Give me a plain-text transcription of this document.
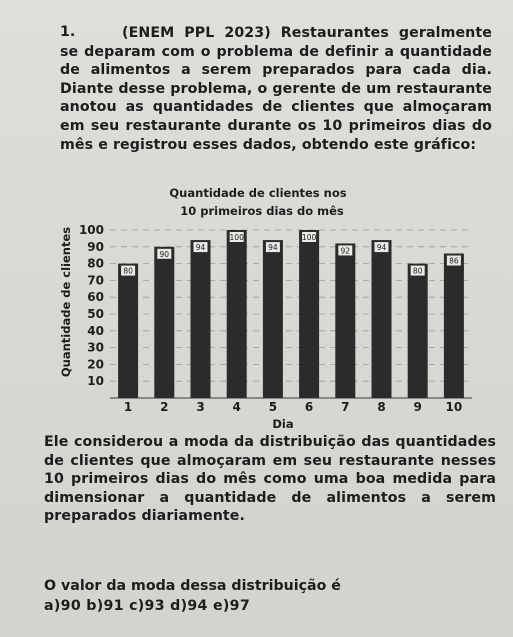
1.	(ENEM PPL 2023) Restaurantes geralmente se deparam com o problema de definir a quantidade de alimentos a serem preparados para cada dia. Diante desse problema, o gerente de um restaurante anotou as quantidades de clientes que almoçaram em seu restaurante durante os 10 primeiros dias do mês e registrou esses dados, obtendo este gráfico:
Quantidade de clientes nos
10 primeiros dias do mês
Dia
Quantidade de clientes	80
90
94
100
94
100
92	94
80
86
10
20
30
40
50
60
70
80
90
100
1 2 3 4 5 6 7 8 9 10
Ele considerou a moda da distribuição das quantidades de clientes que almoçaram em seu restaurante nesses 10 primeiros dias do mês como uma boa medida para dimensionar a quantidade de alimentos a serem preparados diariamente.
O valor da moda dessa distribuição é
a)90 b)91 c)93 d)94 e)97
